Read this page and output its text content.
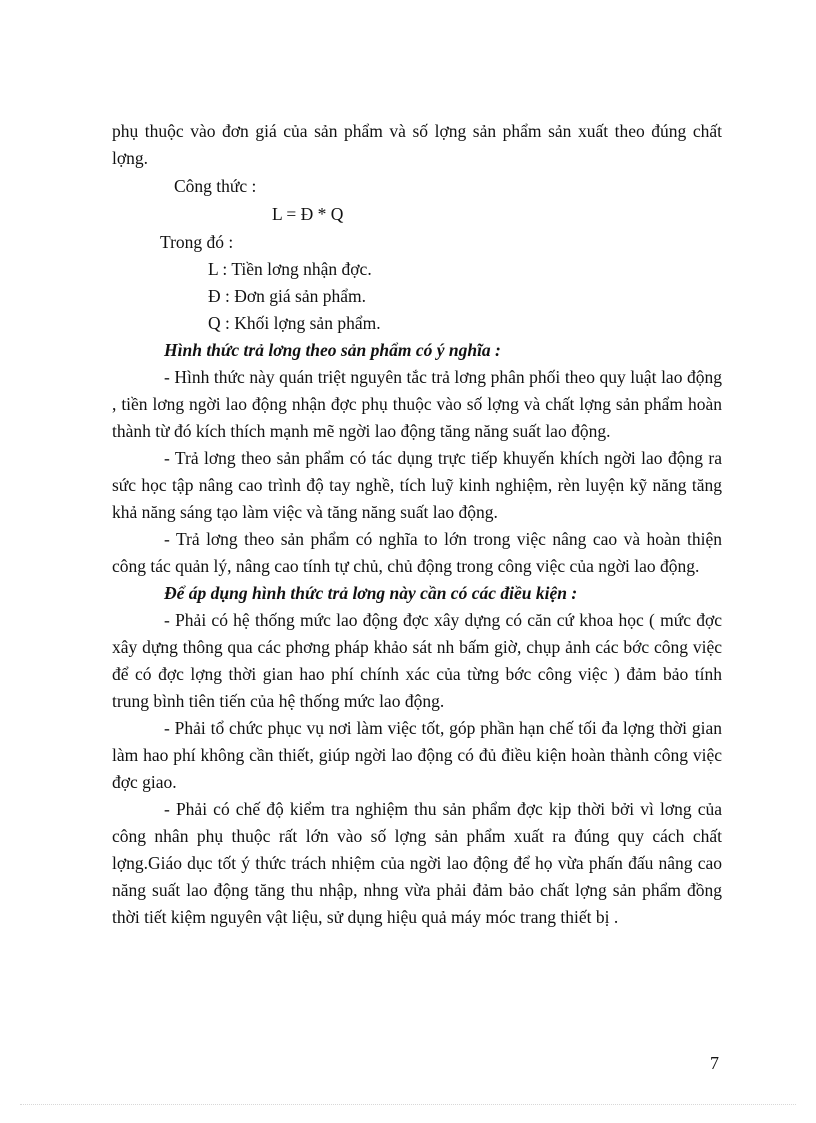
phụ thuộc vào đơn giá của sản phẩm và số lợng sản phẩm sản xuất theo đúng chất lợng.

Công thức :

L = Đ * Q

Trong đó :

L : Tiền lơng nhận đợc.

Đ : Đơn giá sản phẩm.

Q : Khối lợng sản phẩm.

Hình thức trả lơng theo sản phẩm có ý nghĩa :

- Hình thức này quán triệt nguyên tắc trả lơng phân phối theo quy luật lao động , tiền lơng ngời lao động nhận đợc phụ thuộc vào số lợng và chất lợng sản phẩm hoàn thành từ đó kích thích mạnh mẽ ngời lao động tăng năng suất lao động.

- Trả lơng theo sản phẩm có tác dụng trực tiếp khuyến khích ngời lao động ra sức học tập nâng cao trình độ tay nghề, tích luỹ kinh nghiệm, rèn luyện kỹ năng tăng khả năng sáng tạo làm việc và tăng năng suất lao động.

- Trả lơng theo sản phẩm có nghĩa to lớn trong việc nâng cao và hoàn thiện công tác quản lý, nâng cao tính tự chủ, chủ động trong công việc của ngời lao động.

Để áp dụng hình thức trả lơng này cần có các điều kiện :

- Phải có hệ thống mức lao động đợc xây dựng có căn cứ khoa học ( mức đợc xây dựng thông qua các phơng pháp khảo sát nh bấm giờ, chụp ảnh các bớc công việc để có đợc lợng thời gian hao phí chính xác của từng bớc công việc ) đảm bảo tính trung bình tiên tiến của hệ thống mức lao động.

- Phải tổ chức phục vụ nơi làm việc tốt, góp phần hạn chế tối đa lợng thời gian làm hao phí không cần thiết, giúp ngời lao động có đủ điều kiện hoàn thành công việc đợc giao.

- Phải có chế độ kiểm tra nghiệm thu sản phẩm đợc kịp thời bởi vì lơng của công nhân phụ thuộc rất lớn vào số lợng sản phẩm xuất ra đúng quy cách chất lợng.Giáo dục tốt ý thức trách nhiệm của ngời lao động để họ vừa phấn đấu nâng cao năng suất lao động tăng thu nhập, nhng vừa phải đảm bảo chất lợng sản phẩm đồng thời tiết kiệm nguyên vật liệu, sử dụng hiệu quả máy móc trang thiết bị .

7
